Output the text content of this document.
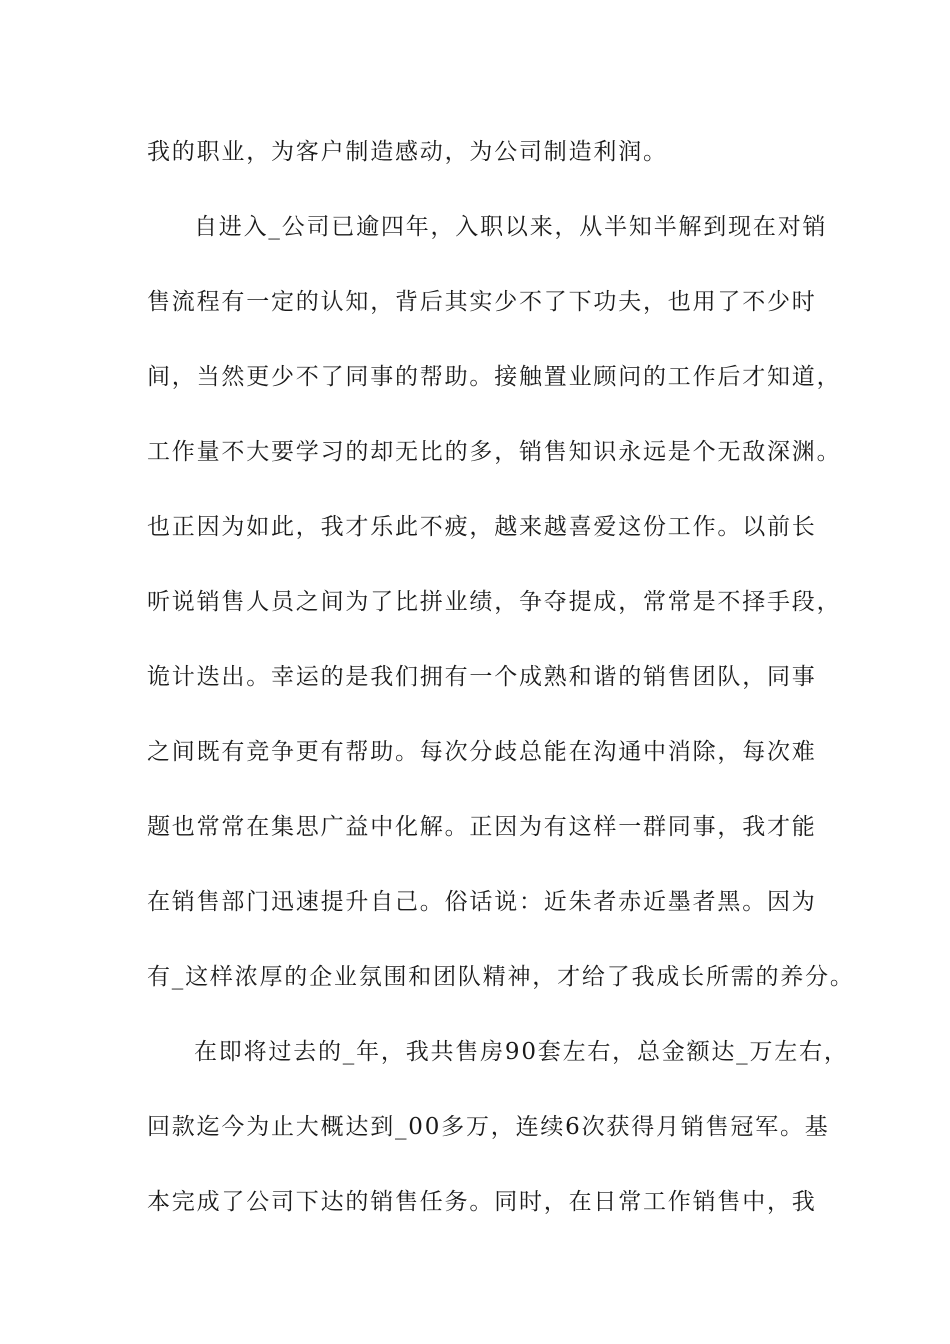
我的职业，为客户制造感动，为公司制造利润。
自进入_公司已逾四年，入职以来，从半知半解到现在对销
售流程有一定的认知，背后其实少不了下功夫，也用了不少时
间，当然更少不了同事的帮助。接触置业顾问的工作后才知道，
工作量不大要学习的却无比的多，销售知识永远是个无敌深渊。
也正因为如此，我才乐此不疲，越来越喜爱这份工作。以前长
听说销售人员之间为了比拼业绩，争夺提成，常常是不择手段，
诡计迭出。幸运的是我们拥有一个成熟和谐的销售团队，同事
之间既有竞争更有帮助。每次分歧总能在沟通中消除，每次难
题也常常在集思广益中化解。正因为有这样一群同事，我才能
在销售部门迅速提升自己。俗话说：近朱者赤近墨者黑。因为
有_这样浓厚的企业氛围和团队精神，才给了我成长所需的养分。
在即将过去的_年，我共售房90套左右，总金额达_万左右，
回款迄今为止大概达到_00多万，连续6次获得月销售冠军。基
本完成了公司下达的销售任务。同时，在日常工作销售中，我
